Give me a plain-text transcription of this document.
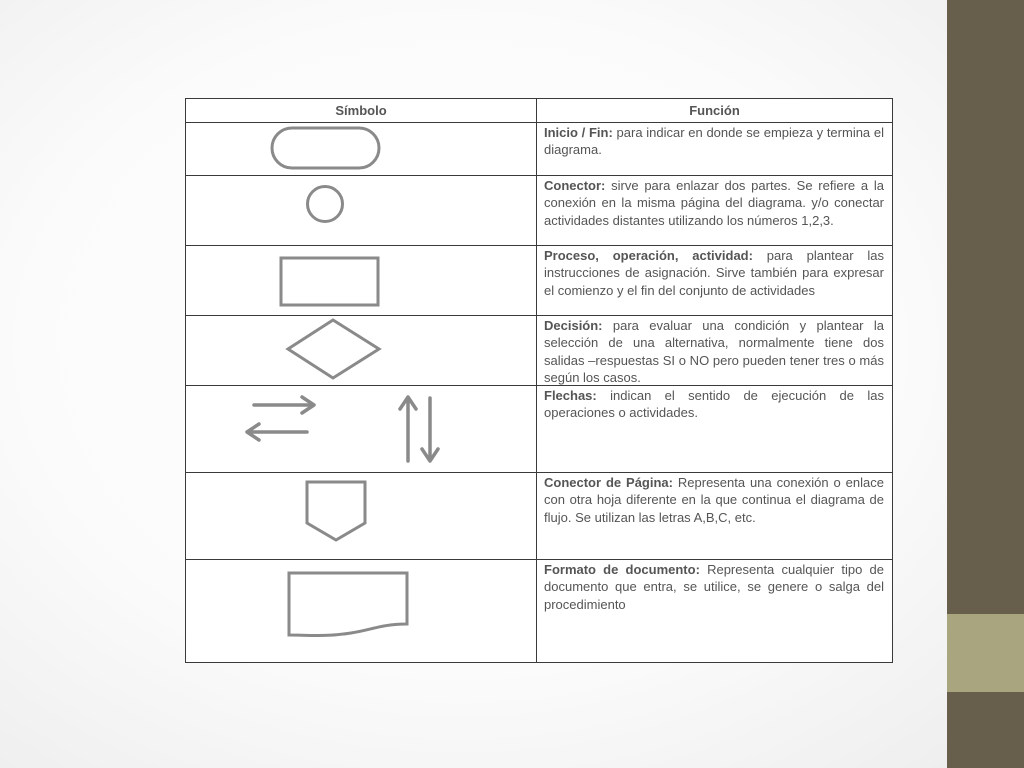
Símbolo	Función

Inicio / Fin: para indicar en donde se empieza y termina el diagrama.

Conector: sirve para enlazar dos partes. Se refiere a la conexión en la misma página del diagrama. y/o conectar actividades distantes utilizando los números 1,2,3.

Proceso, operación, actividad: para plantear las instrucciones de asignación. Sirve también para expresar el comienzo y el fin del conjunto de actividades

Decisión: para evaluar una condición y plantear la selección de una alternativa, normalmente tiene dos salidas –respuestas SI o NO pero pueden tener tres o más según los casos.

Flechas: indican el sentido de ejecución de las operaciones o actividades.

Conector de Página: Representa una conexión o enlace con otra hoja diferente en la que continua el diagrama de flujo. Se utilizan las letras A,B,C, etc.

Formato de documento: Representa cualquier tipo de documento que entra, se utilice, se genere o salga del procedimiento
